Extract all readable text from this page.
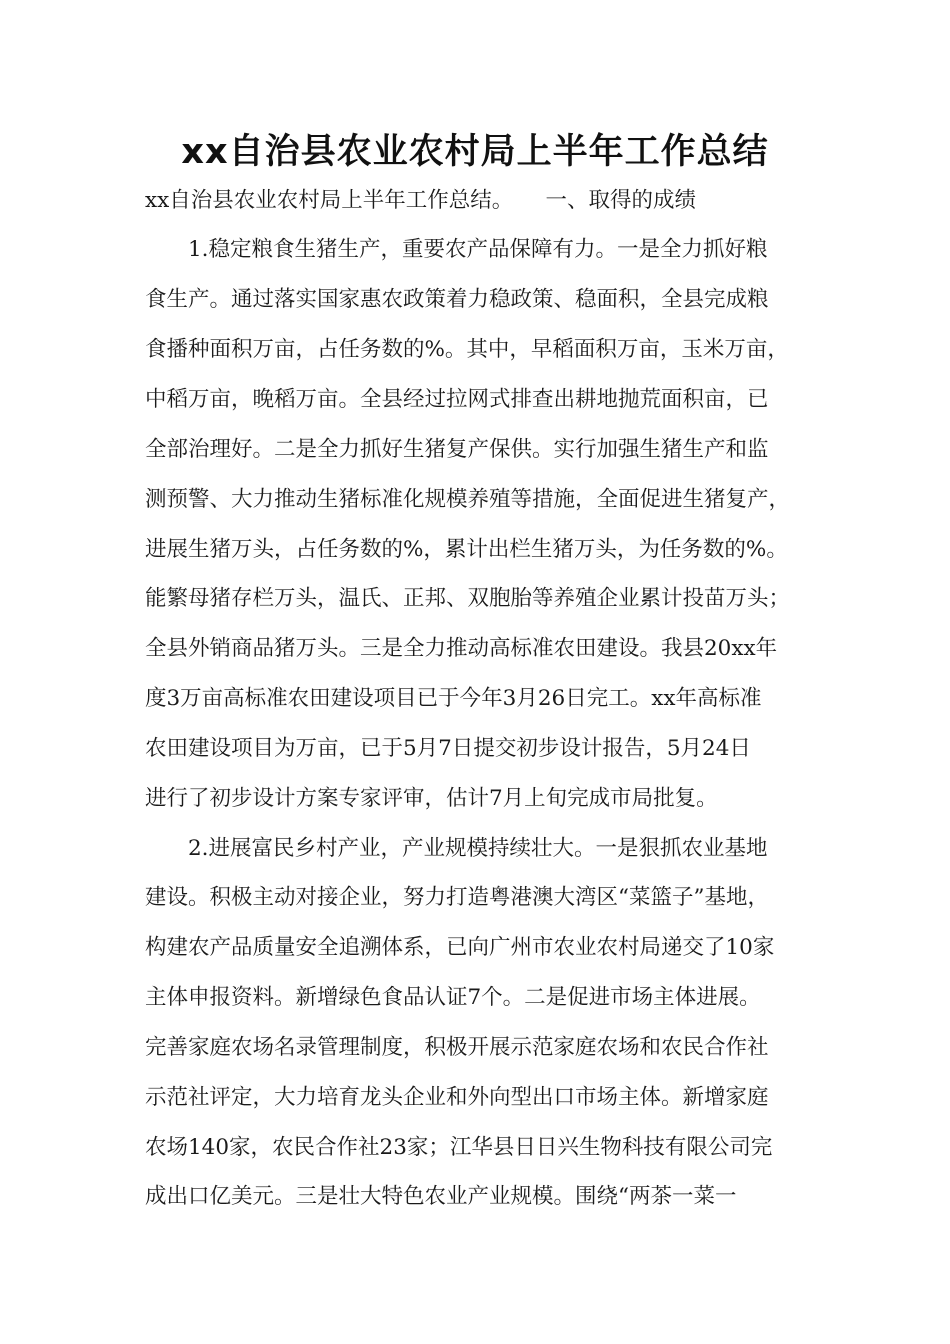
xx自治县农业农村局上半年工作总结
xx自治县农业农村局上半年工作总结。　　一、取得的成绩
　　1.稳定粮食生猪生产，重要农产品保障有力。一是全力抓好粮
食生产。通过落实国家惠农政策着力稳政策、稳面积，全县完成粮
食播种面积万亩，占任务数的%。其中，早稻面积万亩，玉米万亩，
中稻万亩，晚稻万亩。全县经过拉网式排查出耕地抛荒面积亩，已
全部治理好。二是全力抓好生猪复产保供。实行加强生猪生产和监
测预警、大力推动生猪标准化规模养殖等措施，全面促进生猪复产，
进展生猪万头，占任务数的%，累计出栏生猪万头，为任务数的%。
能繁母猪存栏万头，温氏、正邦、双胞胎等养殖企业累计投苗万头；
全县外销商品猪万头。三是全力推动高标准农田建设。我县20xx年
度3万亩高标准农田建设项目已于今年3月26日完工。xx年高标准
农田建设项目为万亩，已于5月7日提交初步设计报告，5月24日
进行了初步设计方案专家评审，估计7月上旬完成市局批复。
　　2.进展富民乡村产业，产业规模持续壮大。一是狠抓农业基地
建设。积极主动对接企业，努力打造粤港澳大湾区“菜篮子”基地，
构建农产品质量安全追溯体系，已向广州市农业农村局递交了10家
主体申报资料。新增绿色食品认证7个。二是促进市场主体进展。
完善家庭农场名录管理制度，积极开展示范家庭农场和农民合作社
示范社评定，大力培育龙头企业和外向型出口市场主体。新增家庭
农场140家，农民合作社23家；江华县日日兴生物科技有限公司完
成出口亿美元。三是壮大特色农业产业规模。围绕“两茶一菜一
